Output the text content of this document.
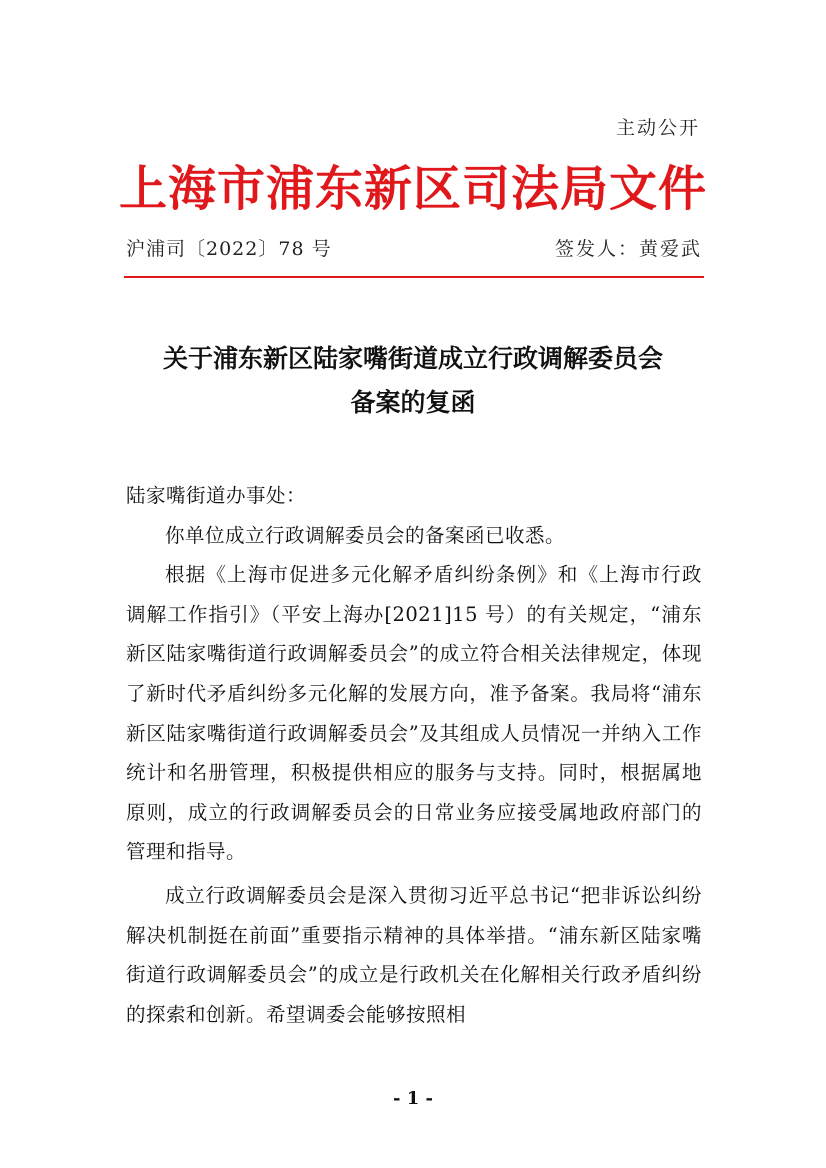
主动公开
上海市浦东新区司法局文件
沪浦司〔2022〕78 号	签发人：黄爱武
关于浦东新区陆家嘴街道成立行政调解委员会
备案的复函

陆家嘴街道办事处：

你单位成立行政调解委员会的备案函已收悉。

根据《上海市促进多元化解矛盾纠纷条例》和《上海市行政调解工作指引》（平安上海办[2021]15 号）的有关规定，“浦东新区陆家嘴街道行政调解委员会”的成立符合相关法律规定，体现了新时代矛盾纠纷多元化解的发展方向，准予备案。我局将“浦东新区陆家嘴街道行政调解委员会”及其组成人员情况一并纳入工作统计和名册管理，积极提供相应的服务与支持。同时，根据属地原则，成立的行政调解委员会的日常业务应接受属地政府部门的管理和指导。

成立行政调解委员会是深入贯彻习近平总书记“把非诉讼纠纷解决机制挺在前面”重要指示精神的具体举措。“浦东新区陆家嘴街道行政调解委员会”的成立是行政机关在化解相关行政矛盾纠纷的探索和创新。希望调委会能够按照相

- 1 -
